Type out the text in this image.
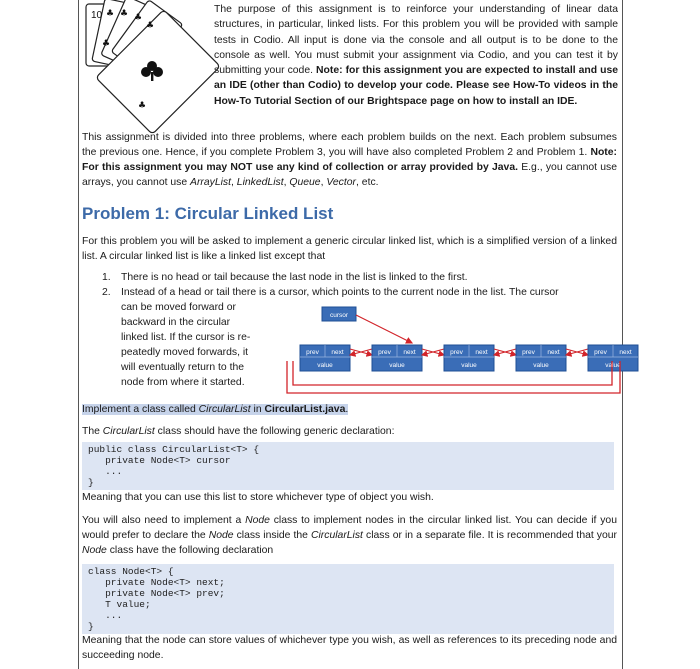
10 ♣ ♣ ♣
♣
♣
♣

The purpose of this assignment is to reinforce your understanding of linear data structures, in particular, linked lists. For this problem you will be provided with sample tests in Codio. All input is done via the console and all output is to be done to the console as well. You must submit your assignment via Codio, and you can test it by submitting your code. Note: for this assignment you are expected to install and use an IDE (other than Codio) to develop your code. Please see How-To videos in the How-To Tutorial Section of our Brightspace page on how to install an IDE.

This assignment is divided into three problems, where each problem builds on the next. Each problem subsumes the previous one. Hence, if you complete Problem 3, you will have also completed Problem 2 and Problem 1. Note: For this assignment you may NOT use any kind of collection or array provided by Java. E.g., you cannot use arrays, you cannot use ArrayList, LinkedList, Queue, Vector, etc.

Problem 1: Circular Linked List

For this problem you will be asked to implement a generic circular linked list, which is a simplified version of a linked list. A circular linked list is like a linked list except that

1. There is no head or tail because the last node in the list is linked to the first.
2. Instead of a head or tail there is a cursor, which points to the current node in the list. The cursor
can be moved forward or
backward in the circular
linked list. If the cursor is re-
peatedly moved forwards, it
will eventually return to the
node from where it started.
cursor
prev next
value
prev next
value
prev next
value
prev next
value
prev next
value

Implement a class called CircularList in CircularList.java.

The CircularList class should have the following generic declaration:

public class CircularList<T> {
private Node<T> cursor
...
}

Meaning that you can use this list to store whichever type of object you wish.

You will also need to implement a Node class to implement nodes in the circular linked list. You can decide if you would prefer to declare the Node class inside the CircularList class or in a separate file. It is recommended that your Node class have the following declaration

class Node<T> {
private Node<T> next;
private Node<T> prev;
T value;
...
}

Meaning that the node can store values of whichever type you wish, as well as references to its preceding node and succeeding node.
